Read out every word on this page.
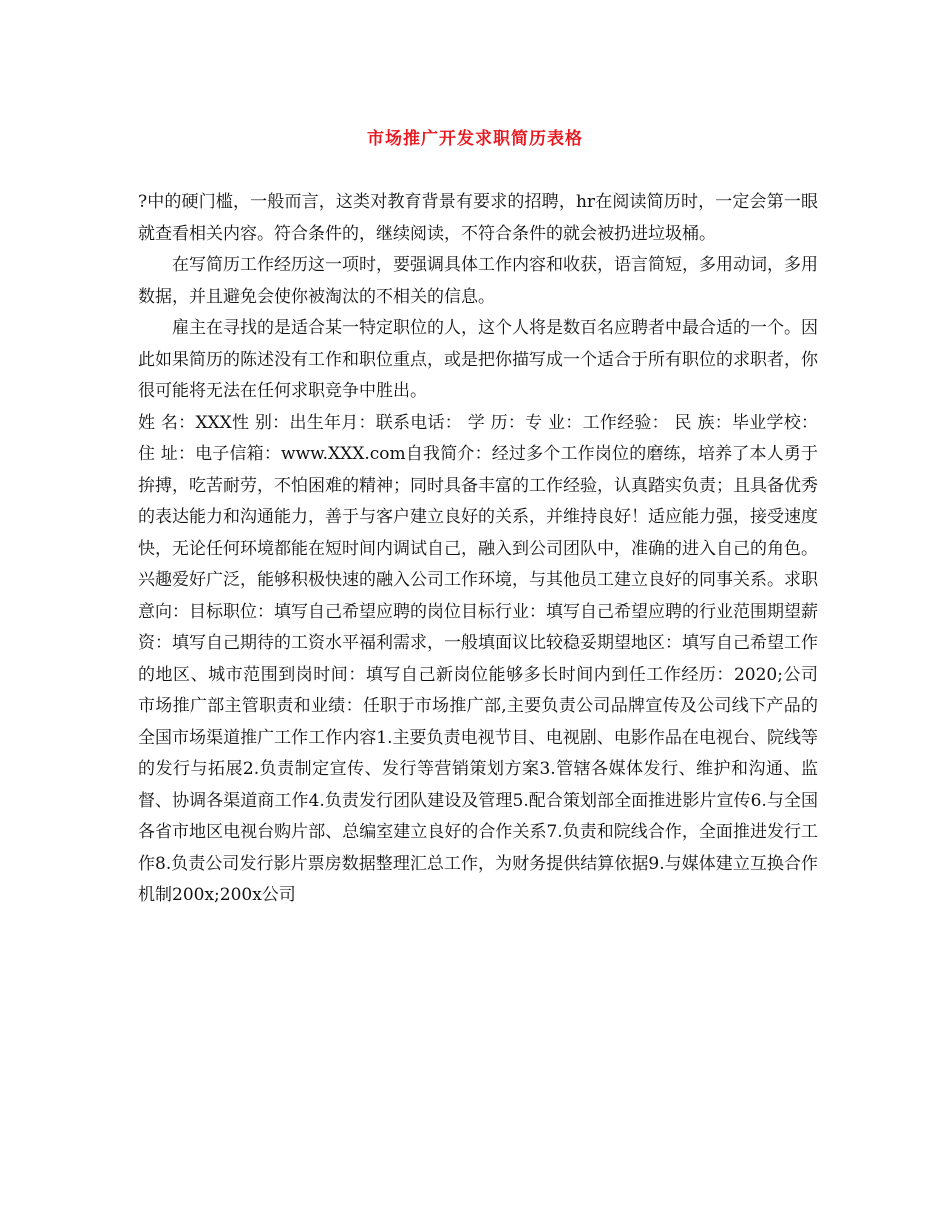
市场推广开发求职简历表格

?中的硬门槛，一般而言，这类对教育背景有要求的招聘，hr在阅读简历时，一定会第一眼就查看相关内容。符合条件的，继续阅读，不符合条件的就会被扔进垃圾桶。

在写简历工作经历这一项时，要强调具体工作内容和收获，语言简短，多用动词，多用数据，并且避免会使你被淘汰的不相关的信息。

雇主在寻找的是适合某一特定职位的人，这个人将是数百名应聘者中最合适的一个。因此如果简历的陈述没有工作和职位重点，或是把你描写成一个适合于所有职位的求职者，你很可能将无法在任何求职竞争中胜出。

姓 名：XXX性 别：出生年月：联系电话： 学 历：专 业：工作经验： 民 族：毕业学校：住 址：电子信箱：www.XXX.com自我简介：经过多个工作岗位的磨练，培养了本人勇于拚搏，吃苦耐劳，不怕困难的精神；同时具备丰富的工作经验，认真踏实负责；且具备优秀的表达能力和沟通能力，善于与客户建立良好的关系，并维持良好！适应能力强，接受速度快，无论任何环境都能在短时间内调试自己，融入到公司团队中，准确的进入自己的角色。兴趣爱好广泛，能够积极快速的融入公司工作环境，与其他员工建立良好的同事关系。求职意向：目标职位：填写自己希望应聘的岗位目标行业：填写自己希望应聘的行业范围期望薪资：填写自己期待的工资水平福利需求，一般填面议比较稳妥期望地区：填写自己希望工作的地区、城市范围到岗时间：填写自己新岗位能够多长时间内到任工作经历：2020;公司 市场推广部主管职责和业绩：任职于市场推广部,主要负责公司品牌宣传及公司线下产品的全国市场渠道推广工作工作内容1.主要负责电视节目、电视剧、电影作品在电视台、院线等的发行与拓展2.负责制定宣传、发行等营销策划方案3.管辖各媒体发行、维护和沟通、监督、协调各渠道商工作4.负责发行团队建设及管理5.配合策划部全面推进影片宣传6.与全国各省市地区电视台购片部、总编室建立良好的合作关系7.负责和院线合作，全面推进发行工作8.负责公司发行影片票房数据整理汇总工作，为财务提供结算依据9.与媒体建立互换合作机制200x;200x公司
